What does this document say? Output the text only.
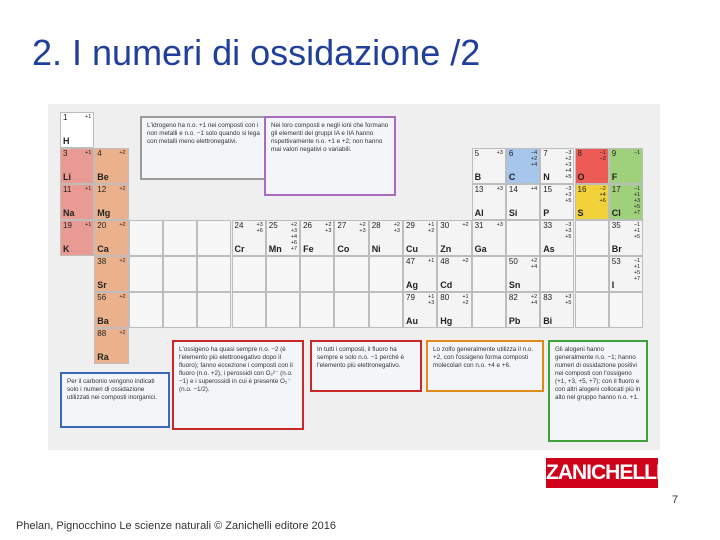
2. I numeri di ossidazione /2
1
H
+1
3
Li
+1 4
Be
+2
11
Na
+1 12
Mg
+2
19
K
+1 20
Ca
+2
38
Sr
+2
56
Ba
+2
88
Ra
+2
24
Cr
+3
+6
25
Mn
+2
+3
+4
+6
+7
26
Fe
+2
+3
27
Co
+2
+3
28
Ni
+2
+3
29
Cu
+1
+2
30
Zn
+2
47
Ag
+1 48
Cd
+2
79
Au
+1
+3
80
Hg
+1
+2
5
B
+3 6
C
−4
+2
+4
7
N
−3
+2
+3
+4
+5
8
O
−1
−2
9
F
−1
13
Al
+3 14
Si
+4 15
P
−3
+3
+5
16
S
−2
+4
+6
17
Cl
−1
+1
+3
+5
+7
31
Ga
+3	33
As
−3
+3
+5
35
Br
−1
+1
+5
50
Sn
+2
+4
53
I
−1
+1
+5
+7
82
Pb
+2
+4
83
Bi
+3
+5
L'idrogeno ha n.o. +1 nei composti con i non metalli e n.o. −1 solo quando si lega con metalli meno elettronegativi.
Nei loro composti e negli ioni che formano gli elementi dei gruppi IA e IIA hanno rispettivamente n.o. +1 e +2; non hanno mai valori negativi o variabili.
L'ossigeno ha quasi sempre n.o. −2 (è l'elemento più elettronegativo dopo il fluoro); fanno eccezione i composti con il fluoro (n.o. +2), i perossidi con O₂²⁻ (n.o. −1) e i superossidi in cui è presente O₂⁻ (n.o. −1/2).
In tutti i composti, il fluoro ha sempre e solo n.o. −1 perché è l'elemento più elettronegativo.
Lo zolfo generalmente utilizza il n.o. +2, con l'ossigeno forma composti molecolari con n.o. +4 e +6.
Gli alogeni hanno generalmente n.o. −1; hanno numeri di ossidazione positivi nei composti con l'ossigeno (+1, +3, +5, +7); con il fluoro e con altri alogeni collocati più in alto nel gruppo hanno n.o. +1.
Per il carbonio vengono indicati solo i numeri di ossidazione utilizzati nei composti inorganici.
ZANICHELLI
7
Phelan, Pignocchino Le scienze naturali © Zanichelli editore 2016
